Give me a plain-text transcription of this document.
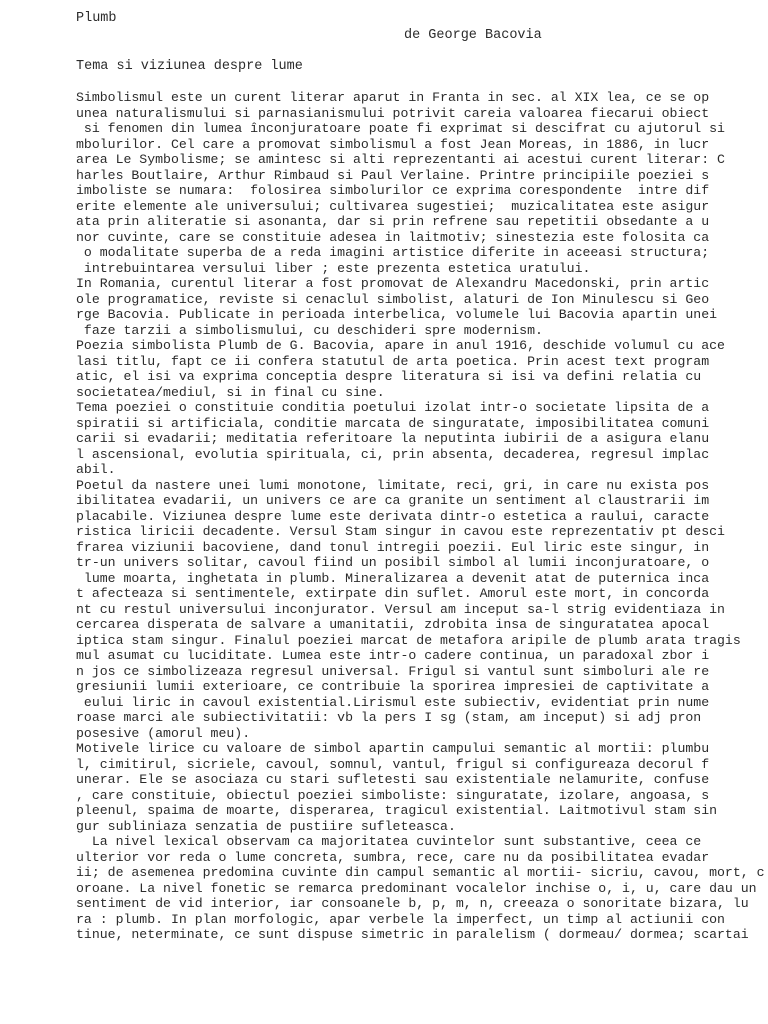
Plumb
de George Bacovia
Tema si viziunea despre lume
Simbolismul este un curent literar aparut in Franta in sec. al XIX lea, ce se op
unea naturalismului si parnasianismului potrivit careia valoarea fiecarui obiect
si fenomen din lumea înconjuratoare poate fi exprimat si descifrat cu ajutorul si
mbolurilor. Cel care a promovat simbolismul a fost Jean Moreas, in 1886, in lucr
area Le Symbolisme; se amintesc si alti reprezentanti ai acestui curent literar: C
harles Boutlaire, Arthur Rimbaud si Paul Verlaine. Printre principiile poeziei s
imboliste se numara:  folosirea simbolurilor ce exprima corespondente  intre dif
erite elemente ale universului; cultivarea sugestiei;  muzicalitatea este asigur
ata prin aliteratie si asonanta, dar si prin refrene sau repetitii obsedante a u
nor cuvinte, care se constituie adesea in laitmotiv; sinestezia este folosita ca
o modalitate superba de a reda imagini artistice diferite in aceeasi structura;
intrebuintarea versului liber ; este prezenta estetica uratului.
In Romania, curentul literar a fost promovat de Alexandru Macedonski, prin artic
ole programatice, reviste si cenaclul simbolist, alaturi de Ion Minulescu si Geo
rge Bacovia. Publicate in perioada interbelica, volumele lui Bacovia apartin unei
faze tarzii a simbolismului, cu deschideri spre modernism.
Poezia simbolista Plumb de G. Bacovia, apare in anul 1916, deschide volumul cu ace
lasi titlu, fapt ce ii confera statutul de arta poetica. Prin acest text program
atic, el isi va exprima conceptia despre literatura si isi va defini relatia cu
societatea/mediul, si in final cu sine.
Tema poeziei o constituie conditia poetului izolat intr-o societate lipsita de a
spiratii si artificiala, conditie marcata de singuratate, imposibilitatea comuni
carii si evadarii; meditatia referitoare la neputinta iubirii de a asigura elanu
l ascensional, evolutia spirituala, ci, prin absenta, decaderea, regresul implac
abil.
Poetul da nastere unei lumi monotone, limitate, reci, gri, in care nu exista pos
ibilitatea evadarii, un univers ce are ca granite un sentiment al claustrarii im
placabile. Viziunea despre lume este derivata dintr-o estetica a raului, caracte
ristica liricii decadente. Versul Stam singur in cavou este reprezentativ pt desci
frarea viziunii bacoviene, dand tonul intregii poezii. Eul liric este singur, in
tr-un univers solitar, cavoul fiind un posibil simbol al lumii inconjuratoare, o
lume moarta, inghetata in plumb. Mineralizarea a devenit atat de puternica inca
t afecteaza si sentimentele, extirpate din suflet. Amorul este mort, in concorda
nt cu restul universului inconjurator. Versul am inceput sa-l strig evidentiaza in
cercarea disperata de salvare a umanitatii, zdrobita insa de singuratatea apocal
iptica stam singur. Finalul poeziei marcat de metafora aripile de plumb arata tragis
mul asumat cu luciditate. Lumea este intr-o cadere continua, un paradoxal zbor i
n jos ce simbolizeaza regresul universal. Frigul si vantul sunt simboluri ale re
gresiunii lumii exterioare, ce contribuie la sporirea impresiei de captivitate a
eului liric in cavoul existential.Lirismul este subiectiv, evidentiat prin nume
roase marci ale subiectivitatii: vb la pers I sg (stam, am inceput) si adj pron
posesive (amorul meu).
Motivele lirice cu valoare de simbol apartin campului semantic al mortii: plumbu
l, cimitirul, sicriele, cavoul, somnul, vantul, frigul si configureaza decorul f
unerar. Ele se asociaza cu stari sufletesti sau existentiale nelamurite, confuse
, care constituie, obiectul poeziei simboliste: singuratate, izolare, angoasa, s
pleenul, spaima de moarte, disperarea, tragicul existential. Laitmotivul stam sin
gur subliniaza senzatia de pustiire sufleteasca.
La nivel lexical observam ca majoritatea cuvintelor sunt substantive, ceea ce
ulterior vor reda o lume concreta, sumbra, rece, care nu da posibilitatea evadar
ii; de asemenea predomina cuvinte din campul semantic al mortii- sicriu, cavou, mort, c
oroane. La nivel fonetic se remarca predominant vocalelor inchise o, i, u, care dau un
sentiment de vid interior, iar consoanele b, p, m, n, creeaza o sonoritate bizara, lu
ra : plumb. In plan morfologic, apar verbele la imperfect, un timp al actiunii con
tinue, neterminate, ce sunt dispuse simetric in paralelism ( dormeau/ dormea; scartai
